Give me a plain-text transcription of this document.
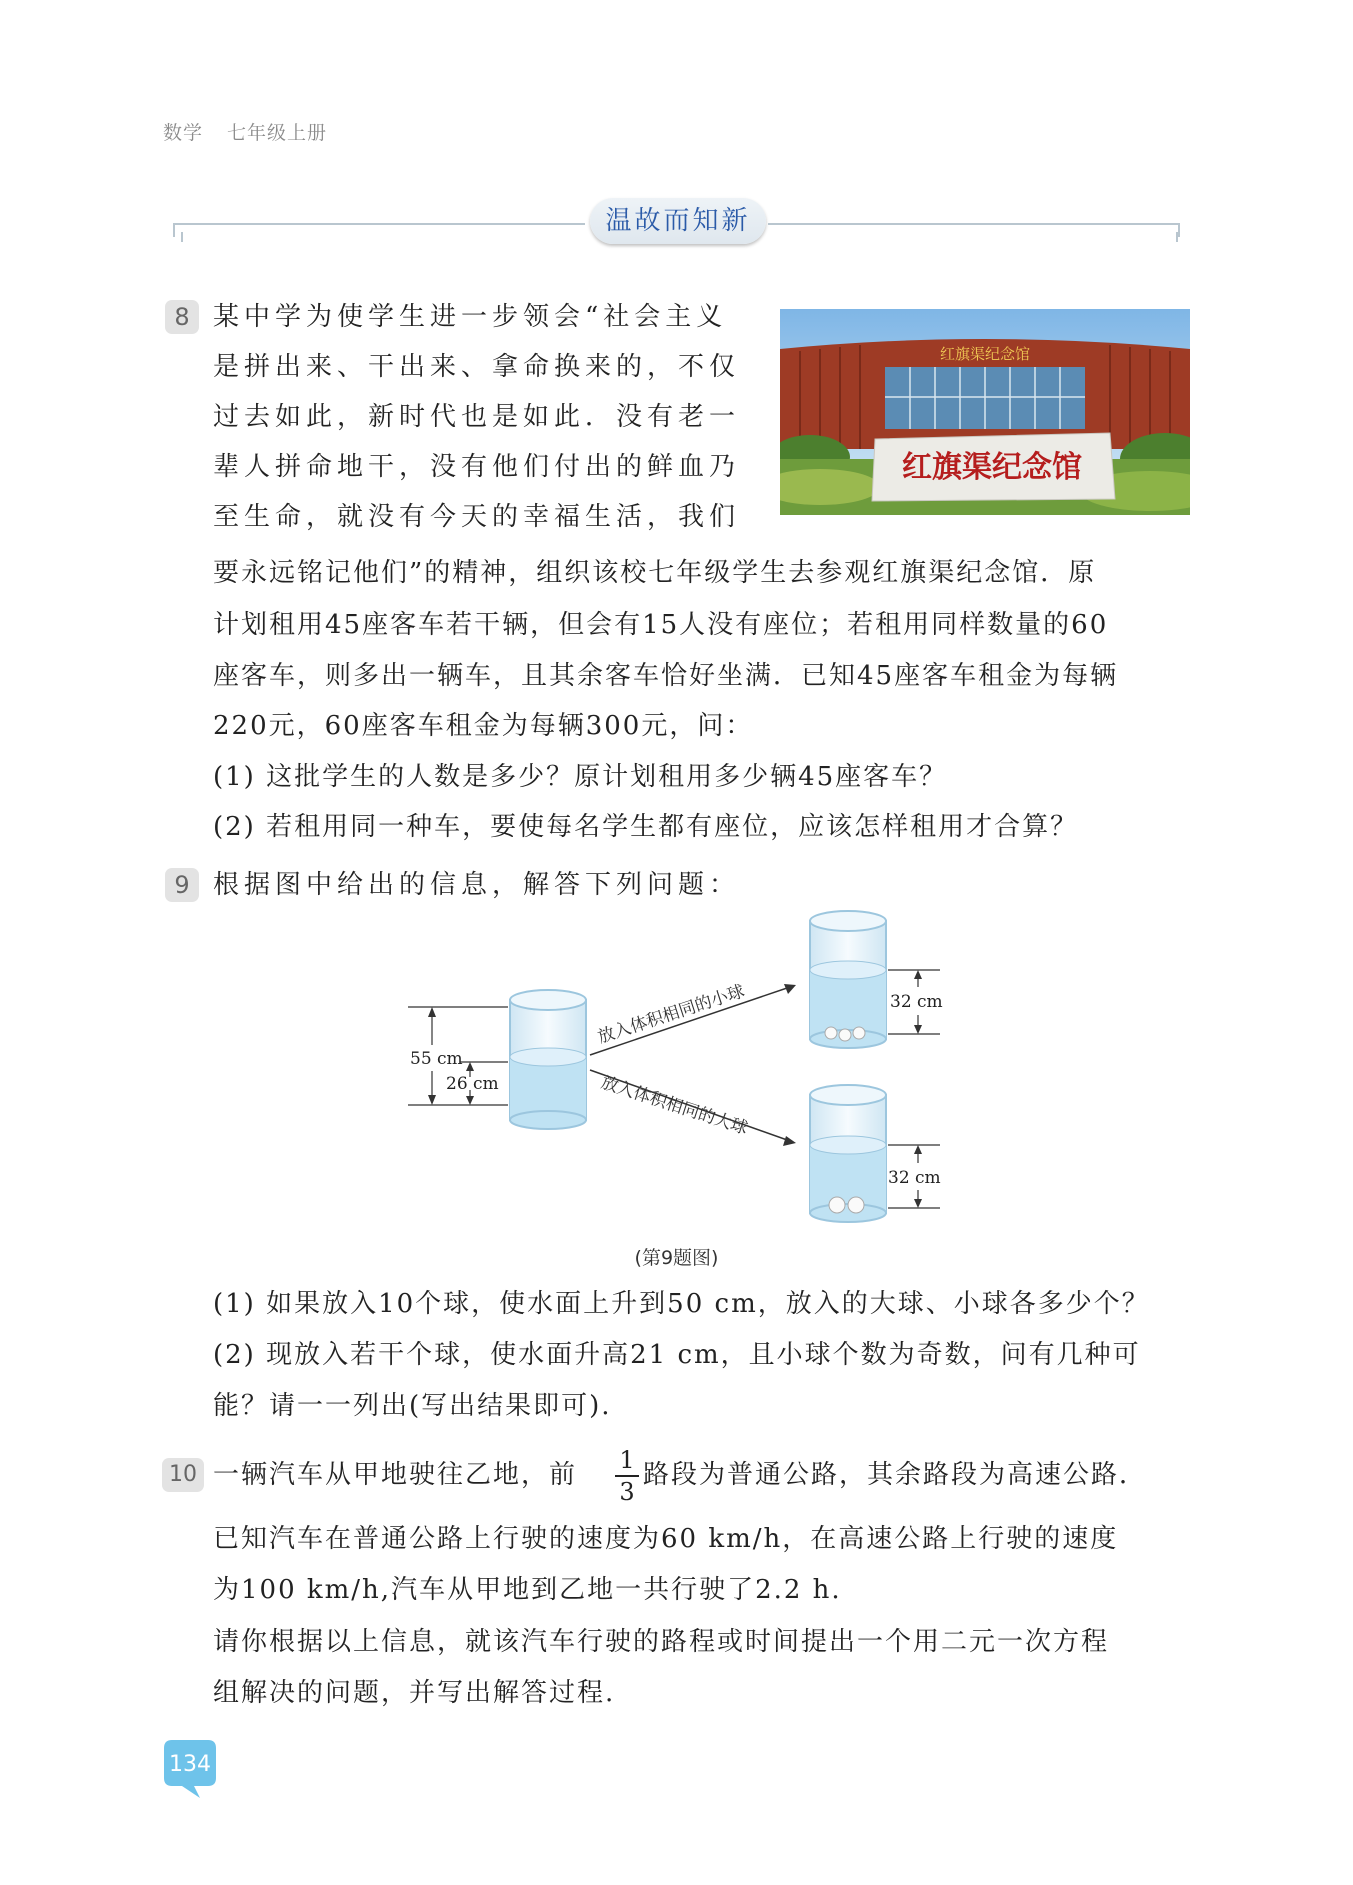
数学 七年级上册
温故而知新
8 某中学为使学生进一步领会“社会主义
是拼出来、干出来、拿命换来的，不仅
过去如此，新时代也是如此．没有老一
辈人拼命地干，没有他们付出的鲜血乃
至生命，就没有今天的幸福生活，我们
要永远铭记他们”的精神，组织该校七年级学生去参观红旗渠纪念馆．原
计划租用45座客车若干辆，但会有15人没有座位；若租用同样数量的60
座客车，则多出一辆车，且其余客车恰好坐满．已知45座客车租金为每辆
220元，60座客车租金为每辆300元，问：
(1) 这批学生的人数是多少？原计划租用多少辆45座客车？
(2) 若租用同一种车，要使每名学生都有座位，应该怎样租用才合算？
红旗渠纪念馆
红旗渠纪念馆
9 根据图中给出的信息，解答下列问题：
55 cm
26 cm
放入体积相同的小球
放入体积相同的大球
32 cm
32 cm
(第9题图)
(1) 如果放入10个球，使水面上升到50 cm，放入的大球、小球各多少个？
(2) 现放入若干个球，使水面升高21 cm，且小球个数为奇数，问有几种可
能？请一一列出(写出结果即可).
10 一辆汽车从甲地驶往乙地，前 1
3
路段为普通公路，其余路段为高速公路．
已知汽车在普通公路上行驶的速度为60 km/h，在高速公路上行驶的速度
为100 km/h,汽车从甲地到乙地一共行驶了2.2 h.
请你根据以上信息，就该汽车行驶的路程或时间提出一个用二元一次方程
组解决的问题，并写出解答过程.
134
